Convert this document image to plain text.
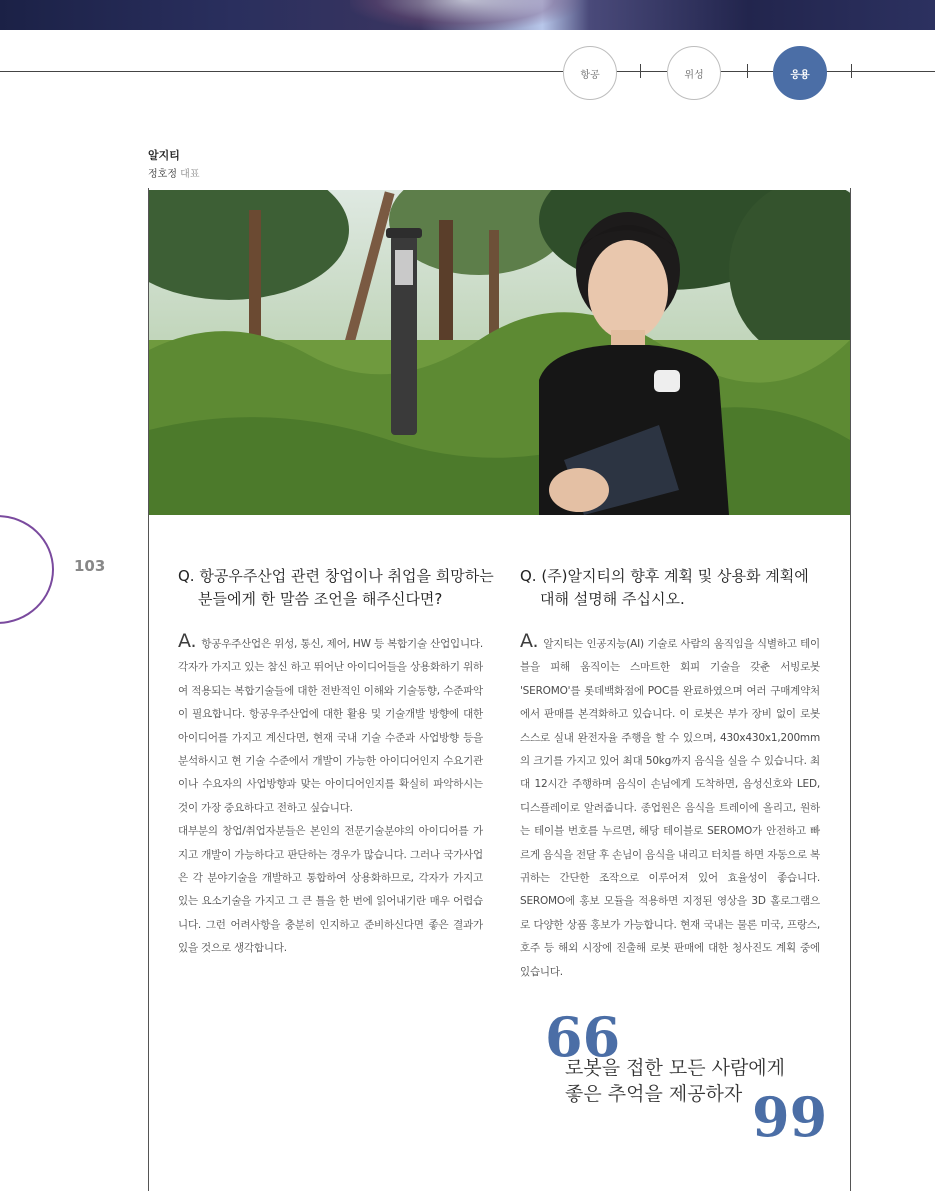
항공	위성	응용
알지티
정호정 대표
103
Q. 항공우주산업 관련 창업이나 취업을 희망하는
분들에게 한 말씀 조언을 해주신다면?

A. 항공우주산업은 위성, 통신, 제어, HW 등 복합기술 산업입니다. 각자가 가지고 있는 참신 하고 뛰어난 아이디어들을 상용화하기 위하여 적용되는 복합기술들에 대한 전반적인 이해와 기술동향, 수준파악이 필요합니다. 항공우주산업에 대한 활용 및 기술개발 방향에 대한 아이디어를 가지고 계신다면, 현재 국내 기술 수준과 사업방향 등을 분석하시고 현 기술 수준에서 개발이 가능한 아이디어인지 수요기관이나 수요자의 사업방향과 맞는 아이디어인지를 확실히 파악하시는 것이 가장 중요하다고 전하고 싶습니다.

대부분의 창업/취업자분들은 본인의 전문기술분야의 아이디어를 가지고 개발이 가능하다고 판단하는 경우가 많습니다. 그러나 국가사업은 각 분야기술을 개발하고 통합하여 상용화하므로, 각자가 가지고 있는 요소기술을 가지고 그 큰 틀을 한 번에 읽어내기란 매우 어렵습니다. 그런 어려사항을 충분히 인지하고 준비하신다면 좋은 결과가 있을 것으로 생각합니다.

Q. (주)알지티의 향후 계획 및 상용화 계획에
대해 설명해 주십시오.

A. 알지티는 인공지능(AI) 기술로 사람의 움직임을 식별하고 테이블을 피해 움직이는 스마트한 회피 기술을 갖춘 서빙로봇 'SEROMO'를 롯데백화점에 POC를 완료하였으며 여러 구매계약처에서 판매를 본격화하고 있습니다. 이 로봇은 부가 장비 없이 로봇 스스로 실내 완전자율 주행을 할 수 있으며, 430x430x1,200mm의 크기를 가지고 있어 최대 50kg까지 음식을 실을 수 있습니다. 최대 12시간 주행하며 음식이 손님에게 도착하면, 음성신호와 LED, 디스플레이로 알려줍니다. 종업원은 음식을 트레이에 올리고, 원하는 테이블 번호를 누르면, 해당 테이블로 SEROMO가 안전하고 빠르게 음식을 전달 후 손님이 음식을 내리고 터치를 하면 자동으로 복귀하는 간단한 조작으로 이루어져 있어 효율성이 좋습니다. SEROMO에 홍보 모듈을 적용하면 지정된 영상을 3D 홀로그램으로 다양한 상품 홍보가 가능합니다. 현재 국내는 물론 미국, 프랑스, 호주 등 해외 시장에 진출해 로봇 판매에 대한 청사진도 계획 중에 있습니다.

66
로봇을 접한 모든 사람에게
좋은 추억을 제공하자 99
